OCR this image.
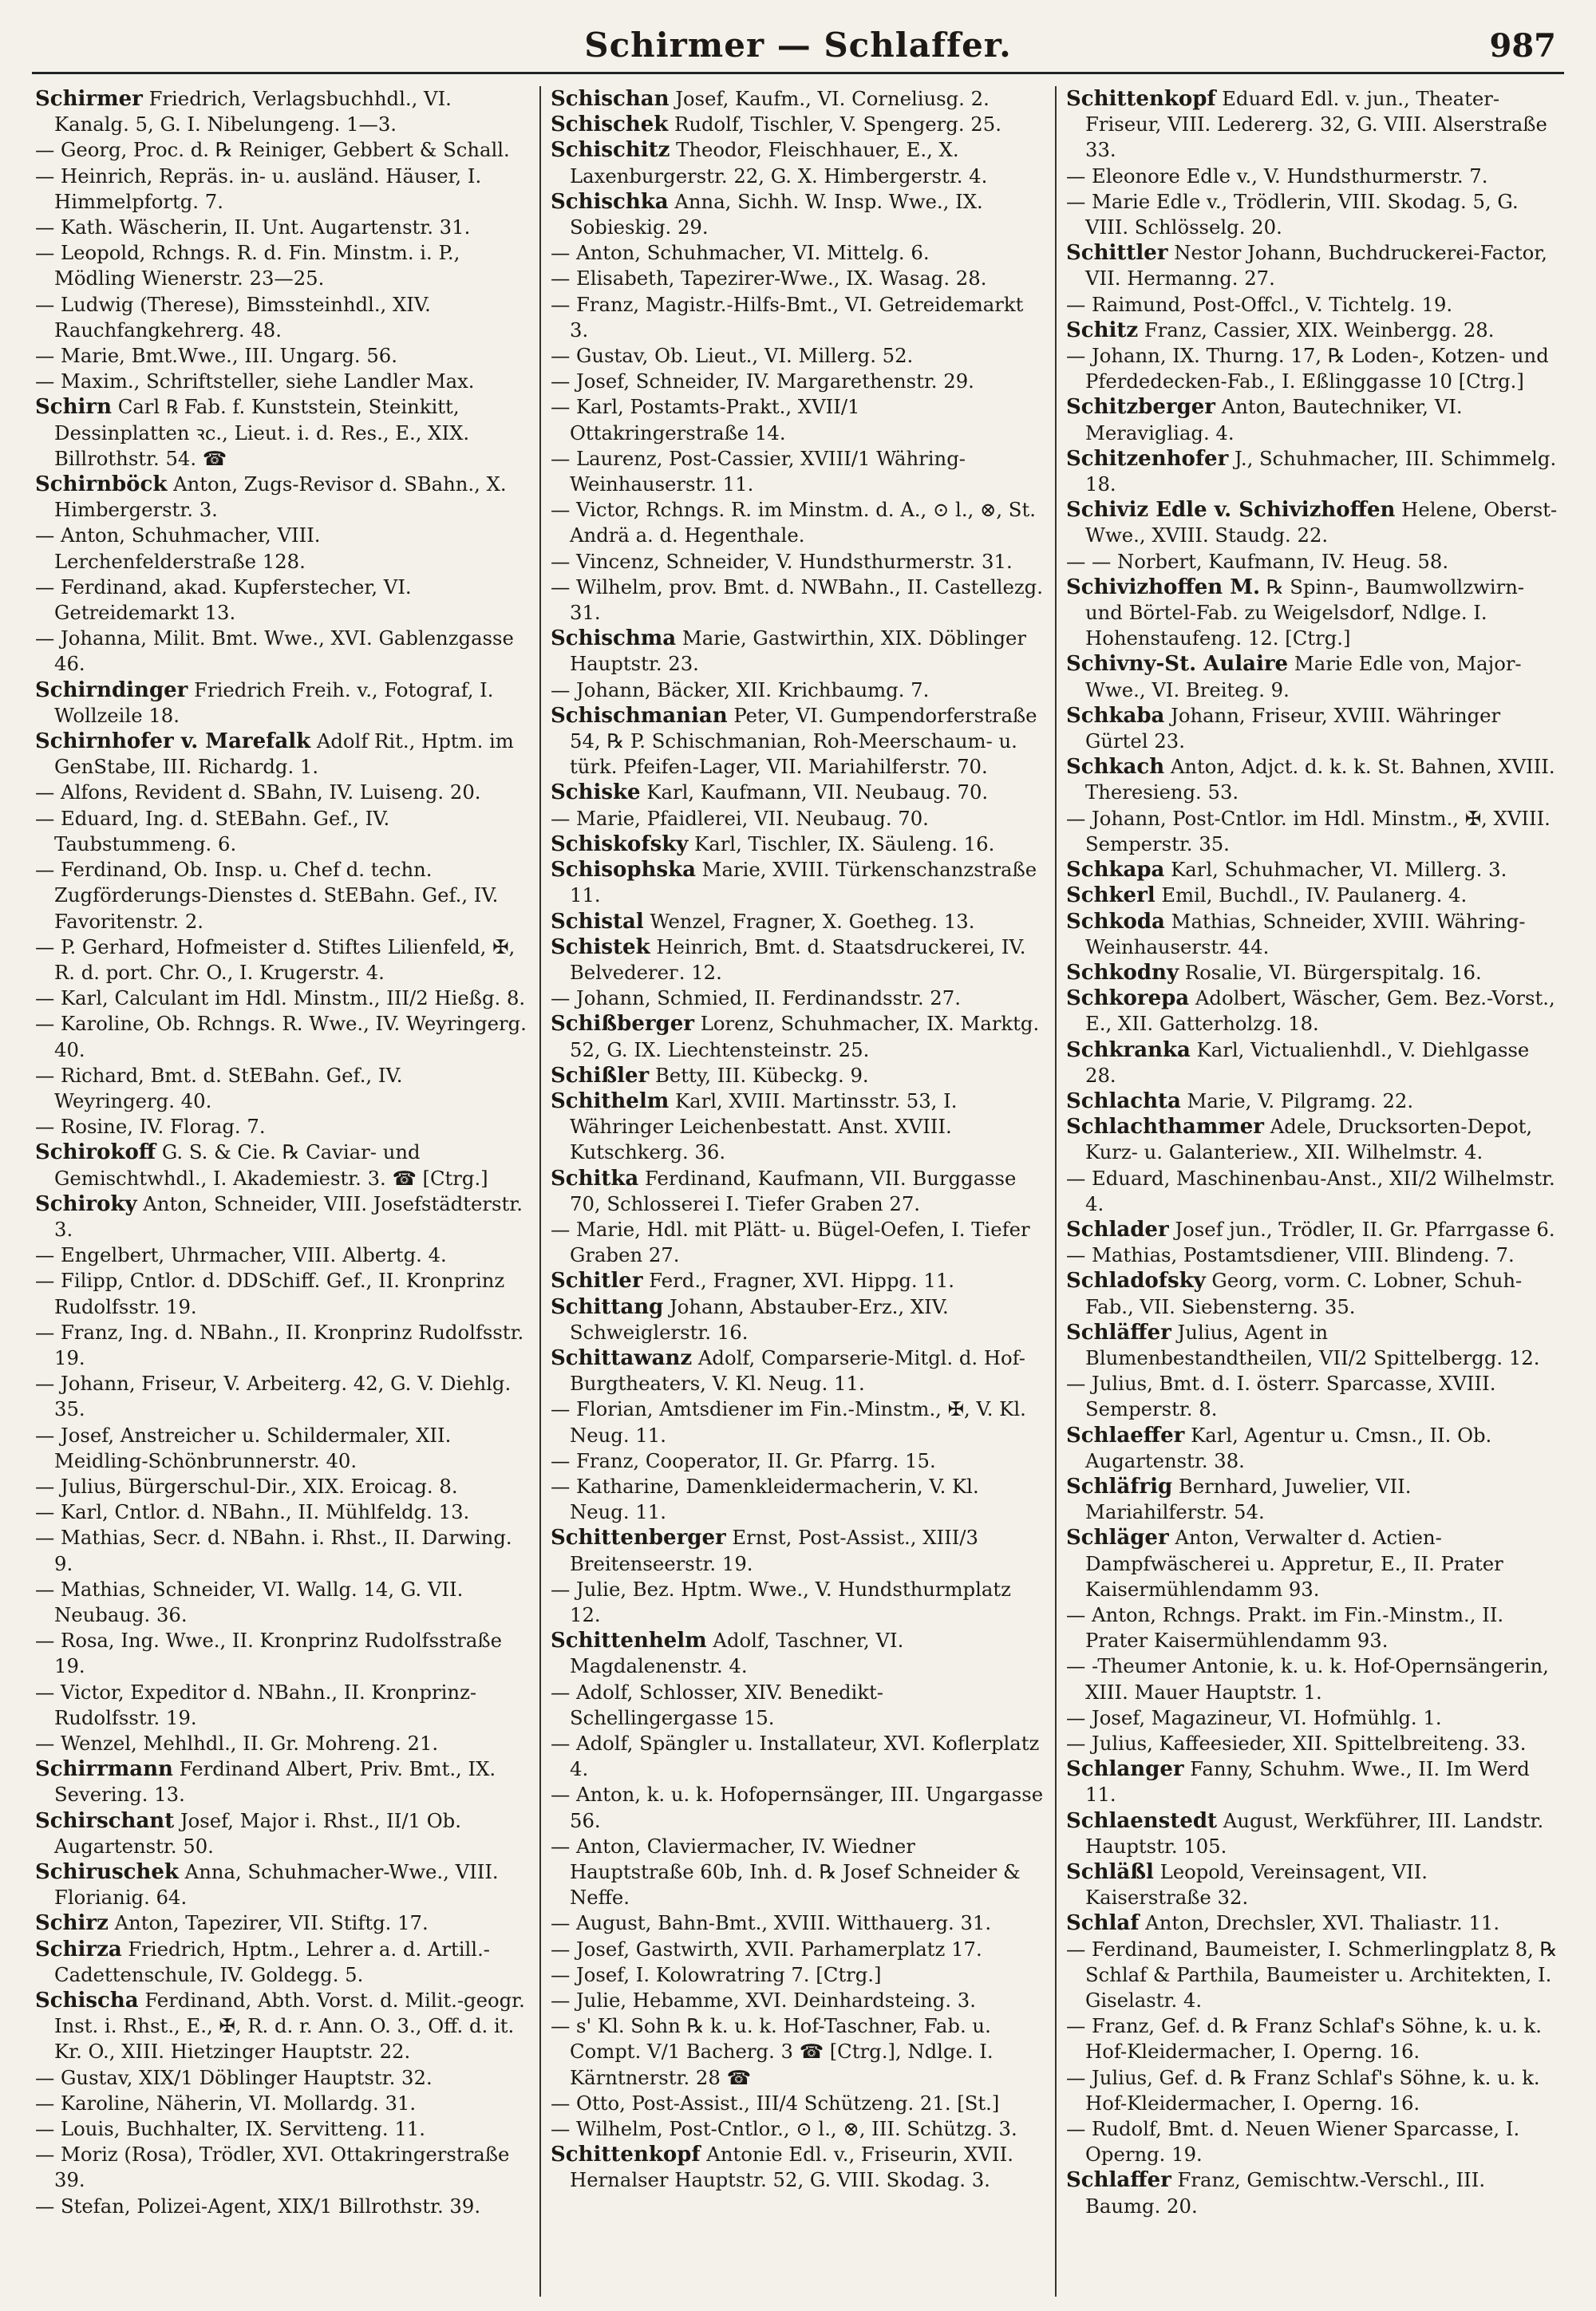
Schirmer — Schlaffer.	987

Schirmer Friedrich, Verlagsbuchhdl., VI. Kanalg. 5, G. I. Nibelungeng. 1—3.

— Georg, Proc. d. ℞ Reiniger, Gebbert & Schall.

— Heinrich, Repräs. in- u. ausländ. Häuser, I. Himmelpfortg. 7.

— Kath. Wäscherin, II. Unt. Augartenstr. 31.

— Leopold, Rchngs. R. d. Fin. Minstm. i. P., Mödling Wienerstr. 23—25.

— Ludwig (Therese), Bimssteinhdl., XIV. Rauchfangkehrerg. 48.

— Marie, Bmt.Wwe., III. Ungarg. 56.

— Maxim., Schriftsteller, siehe Landler Max.

Schirn Carl ℞ Fab. f. Kunststein, Steinkitt, Dessinplatten ꝛc., Lieut. i. d. Res., E., XIX. Billrothstr. 54. ☎

Schirnböck Anton, Zugs-Revisor d. SBahn., X. Himbergerstr. 3.

— Anton, Schuhmacher, VIII. Lerchenfelderstraße 128.

— Ferdinand, akad. Kupferstecher, VI. Getreidemarkt 13.

— Johanna, Milit. Bmt. Wwe., XVI. Gablenzgasse 46.

Schirndinger Friedrich Freih. v., Fotograf, I. Wollzeile 18.

Schirnhofer v. Marefalk Adolf Rit., Hptm. im GenStabe, III. Richardg. 1.

— Alfons, Revident d. SBahn, IV. Luiseng. 20.

— Eduard, Ing. d. StEBahn. Gef., IV. Taubstummeng. 6.

— Ferdinand, Ob. Insp. u. Chef d. techn. Zugförderungs-Dienstes d. StEBahn. Gef., IV. Favoritenstr. 2.

— P. Gerhard, Hofmeister d. Stiftes Lilienfeld, ✠, R. d. port. Chr. O., I. Krugerstr. 4.

— Karl, Calculant im Hdl. Minstm., III/2 Hießg. 8.

— Karoline, Ob. Rchngs. R. Wwe., IV. Weyringerg. 40.

— Richard, Bmt. d. StEBahn. Gef., IV. Weyringerg. 40.

— Rosine, IV. Florag. 7.

Schirokoff G. S. & Cie. ℞ Caviar- und Gemischtwhdl., I. Akademiestr. 3. ☎ [Ctrg.]

Schiroky Anton, Schneider, VIII. Josefstädterstr. 3.

— Engelbert, Uhrmacher, VIII. Albertg. 4.

— Filipp, Cntlor. d. DDSchiff. Gef., II. Kronprinz Rudolfsstr. 19.

— Franz, Ing. d. NBahn., II. Kronprinz Rudolfsstr. 19.

— Johann, Friseur, V. Arbeiterg. 42, G. V. Diehlg. 35.

— Josef, Anstreicher u. Schildermaler, XII. Meidling-Schönbrunnerstr. 40.

— Julius, Bürgerschul-Dir., XIX. Eroicag. 8.

— Karl, Cntlor. d. NBahn., II. Mühlfeldg. 13.

— Mathias, Secr. d. NBahn. i. Rhst., II. Darwing. 9.

— Mathias, Schneider, VI. Wallg. 14, G. VII. Neubaug. 36.

— Rosa, Ing. Wwe., II. Kronprinz Rudolfsstraße 19.

— Victor, Expeditor d. NBahn., II. Kronprinz-Rudolfsstr. 19.

— Wenzel, Mehlhdl., II. Gr. Mohreng. 21.

Schirrmann Ferdinand Albert, Priv. Bmt., IX. Severing. 13.

Schirschant Josef, Major i. Rhst., II/1 Ob. Augartenstr. 50.

Schiruschek Anna, Schuhmacher-Wwe., VIII. Florianig. 64.

Schirz Anton, Tapezirer, VII. Stiftg. 17.

Schirza Friedrich, Hptm., Lehrer a. d. Artill.-Cadettenschule, IV. Goldegg. 5.

Schischa Ferdinand, Abth. Vorst. d. Milit.-geogr. Inst. i. Rhst., E., ✠, R. d. r. Ann. O. 3., Off. d. it. Kr. O., XIII. Hietzinger Hauptstr. 22.

— Gustav, XIX/1 Döblinger Hauptstr. 32.

— Karoline, Näherin, VI. Mollardg. 31.

— Louis, Buchhalter, IX. Servitteng. 11.

— Moriz (Rosa), Trödler, XVI. Ottakringerstraße 39.

— Stefan, Polizei-Agent, XIX/1 Billrothstr. 39.

Schischan Josef, Kaufm., VI. Corneliusg. 2.

Schischek Rudolf, Tischler, V. Spengerg. 25.

Schischitz Theodor, Fleischhauer, E., X. Laxenburgerstr. 22, G. X. Himbergerstr. 4.

Schischka Anna, Sichh. W. Insp. Wwe., IX. Sobieskig. 29.

— Anton, Schuhmacher, VI. Mittelg. 6.

— Elisabeth, Tapezirer-Wwe., IX. Wasag. 28.

— Franz, Magistr.-Hilfs-Bmt., VI. Getreidemarkt 3.

— Gustav, Ob. Lieut., VI. Millerg. 52.

— Josef, Schneider, IV. Margarethenstr. 29.

— Karl, Postamts-Prakt., XVII/1 Ottakringerstraße 14.

— Laurenz, Post-Cassier, XVIII/1 Währing-Weinhauserstr. 11.

— Victor, Rchngs. R. im Minstm. d. A., ⊙ l., ⊗, St. Andrä a. d. Hegenthale.

— Vincenz, Schneider, V. Hundsthurmerstr. 31.

— Wilhelm, prov. Bmt. d. NWBahn., II. Castellezg. 31.

Schischma Marie, Gastwirthin, XIX. Döblinger Hauptstr. 23.

— Johann, Bäcker, XII. Krichbaumg. 7.

Schischmanian Peter, VI. Gumpendorferstraße 54, ℞ P. Schischmanian, Roh-Meerschaum- u. türk. Pfeifen-Lager, VII. Mariahilferstr. 70.

Schiske Karl, Kaufmann, VII. Neubaug. 70.

— Marie, Pfaidlerei, VII. Neubaug. 70.

Schiskofsky Karl, Tischler, IX. Säuleng. 16.

Schisophska Marie, XVIII. Türkenschanzstraße 11.

Schistal Wenzel, Fragner, X. Goetheg. 13.

Schistek Heinrich, Bmt. d. Staatsdruckerei, IV. Belvederег. 12.

— Johann, Schmied, II. Ferdinandsstr. 27.

Schißberger Lorenz, Schuhmacher, IX. Marktg. 52, G. IX. Liechtensteinstr. 25.

Schißler Betty, III. Kübeckg. 9.

Schithelm Karl, XVIII. Martinsstr. 53, I. Währinger Leichenbestatt. Anst. XVIII. Kutschkerg. 36.

Schitka Ferdinand, Kaufmann, VII. Burggasse 70, Schlosserei I. Tiefer Graben 27.

— Marie, Hdl. mit Plätt- u. Bügel-Oefen, I. Tiefer Graben 27.

Schitler Ferd., Fragner, XVI. Hippg. 11.

Schittang Johann, Abstauber-Erz., XIV. Schweiglerstr. 16.

Schittawanz Adolf, Comparserie-Mitgl. d. Hof-Burgtheaters, V. Kl. Neug. 11.

— Florian, Amtsdiener im Fin.-Minstm., ✠, V. Kl. Neug. 11.

— Franz, Cooperator, II. Gr. Pfarrg. 15.

— Katharine, Damenkleidermacherin, V. Kl. Neug. 11.

Schittenberger Ernst, Post-Assist., XIII/3 Breitenseerstr. 19.

— Julie, Bez. Hptm. Wwe., V. Hundsthurmplatz 12.

Schittenhelm Adolf, Taschner, VI. Magdalenenstr. 4.

— Adolf, Schlosser, XIV. Benedikt-Schellingergasse 15.

— Adolf, Spängler u. Installateur, XVI. Koflerplatz 4.

— Anton, k. u. k. Hofopernsänger, III. Ungargasse 56.

— Anton, Claviermacher, IV. Wiedner Hauptstraße 60b, Inh. d. ℞ Josef Schneider & Neffe.

— August, Bahn-Bmt., XVIII. Witthauerg. 31.

— Josef, Gastwirth, XVII. Parhamerplatz 17.

— Josef, I. Kolowratring 7. [Ctrg.]

— Julie, Hebamme, XVI. Deinhardsteing. 3.

— s' Kl. Sohn ℞ k. u. k. Hof-Taschner, Fab. u. Compt. V/1 Bacherg. 3 ☎ [Ctrg.], Ndlge. I. Kärntnerstr. 28 ☎

— Otto, Post-Assist., III/4 Schützeng. 21. [St.]

— Wilhelm, Post-Cntlor., ⊙ l., ⊗, III. Schützg. 3.

Schittenkopf Antonie Edl. v., Friseurin, XVII. Hernalser Hauptstr. 52, G. VIII. Skodag. 3.

Schittenkopf Eduard Edl. v. jun., Theater-Friseur, VIII. Ledererg. 32, G. VIII. Alserstraße 33.

— Eleonore Edle v., V. Hundsthurmerstr. 7.

— Marie Edle v., Trödlerin, VIII. Skodag. 5, G. VIII. Schlösselg. 20.

Schittler Nestor Johann, Buchdruckerei-Factor, VII. Hermanng. 27.

— Raimund, Post-Offcl., V. Tichtelg. 19.

Schitz Franz, Cassier, XIX. Weinbergg. 28.

— Johann, IX. Thurng. 17, ℞ Loden-, Kotzen- und Pferdedecken-Fab., I. Eßlinggasse 10 [Ctrg.]

Schitzberger Anton, Bautechniker, VI. Meravigliag. 4.

Schitzenhofer J., Schuhmacher, III. Schimmelg. 18.

Schiviz Edle v. Schivizhoffen Helene, Oberst-Wwe., XVIII. Staudg. 22.

— — Norbert, Kaufmann, IV. Heug. 58.

Schivizhoffen M. ℞ Spinn-, Baumwollzwirn- und Börtel-Fab. zu Weigelsdorf, Ndlge. I. Hohenstaufeng. 12. [Ctrg.]

Schivny-St. Aulaire Marie Edle von, Major-Wwe., VI. Breiteg. 9.

Schkaba Johann, Friseur, XVIII. Währinger Gürtel 23.

Schkach Anton, Adjct. d. k. k. St. Bahnen, XVIII. Theresieng. 53.

— Johann, Post-Cntlor. im Hdl. Minstm., ✠, XVIII. Semperstr. 35.

Schkapa Karl, Schuhmacher, VI. Millerg. 3.

Schkerl Emil, Buchdl., IV. Paulanerg. 4.

Schkoda Mathias, Schneider, XVIII. Währing-Weinhauserstr. 44.

Schkodny Rosalie, VI. Bürgerspitalg. 16.

Schkorepa Adolbert, Wäscher, Gem. Bez.-Vorst., E., XII. Gatterholzg. 18.

Schkranka Karl, Victualienhdl., V. Diehlgasse 28.

Schlachta Marie, V. Pilgramg. 22.

Schlachthammer Adele, Drucksorten-Depot, Kurz- u. Galanteriew., XII. Wilhelmstr. 4.

— Eduard, Maschinenbau-Anst., XII/2 Wilhelmstr. 4.

Schlader Josef jun., Trödler, II. Gr. Pfarrgasse 6.

— Mathias, Postamtsdiener, VIII. Blindeng. 7.

Schladofsky Georg, vorm. C. Lobner, Schuh-Fab., VII. Siebensterng. 35.

Schläffer Julius, Agent in Blumenbestandtheilen, VII/2 Spittelbergg. 12.

— Julius, Bmt. d. I. österr. Sparcasse, XVIII. Semperstr. 8.

Schlaeffer Karl, Agentur u. Cmsn., II. Ob. Augartenstr. 38.

Schläfrig Bernhard, Juwelier, VII. Mariahilferstr. 54.

Schläger Anton, Verwalter d. Actien-Dampfwäscherei u. Appretur, E., II. Prater Kaisermühlendamm 93.

— Anton, Rchngs. Prakt. im Fin.-Minstm., II. Prater Kaisermühlendamm 93.

— -Theumer Antonie, k. u. k. Hof-Opernsängerin, XIII. Mauer Hauptstr. 1.

— Josef, Magazineur, VI. Hofmühlg. 1.

— Julius, Kaffeesieder, XII. Spittelbreiteng. 33.

Schlanger Fanny, Schuhm. Wwe., II. Im Werd 11.

Schlaenstedt August, Werkführer, III. Landstr. Hauptstr. 105.

Schläßl Leopold, Vereinsagent, VII. Kaiserstraße 32.

Schlaf Anton, Drechsler, XVI. Thaliastr. 11.

— Ferdinand, Baumeister, I. Schmerlingplatz 8, ℞ Schlaf & Parthila, Baumeister u. Architekten, I. Giselastr. 4.

— Franz, Gef. d. ℞ Franz Schlaf's Söhne, k. u. k. Hof-Kleidermacher, I. Operng. 16.

— Julius, Gef. d. ℞ Franz Schlaf's Söhne, k. u. k. Hof-Kleidermacher, I. Operng. 16.

— Rudolf, Bmt. d. Neuen Wiener Sparcasse, I. Operng. 19.

Schlaffer Franz, Gemischtw.-Verschl., III. Baumg. 20.
